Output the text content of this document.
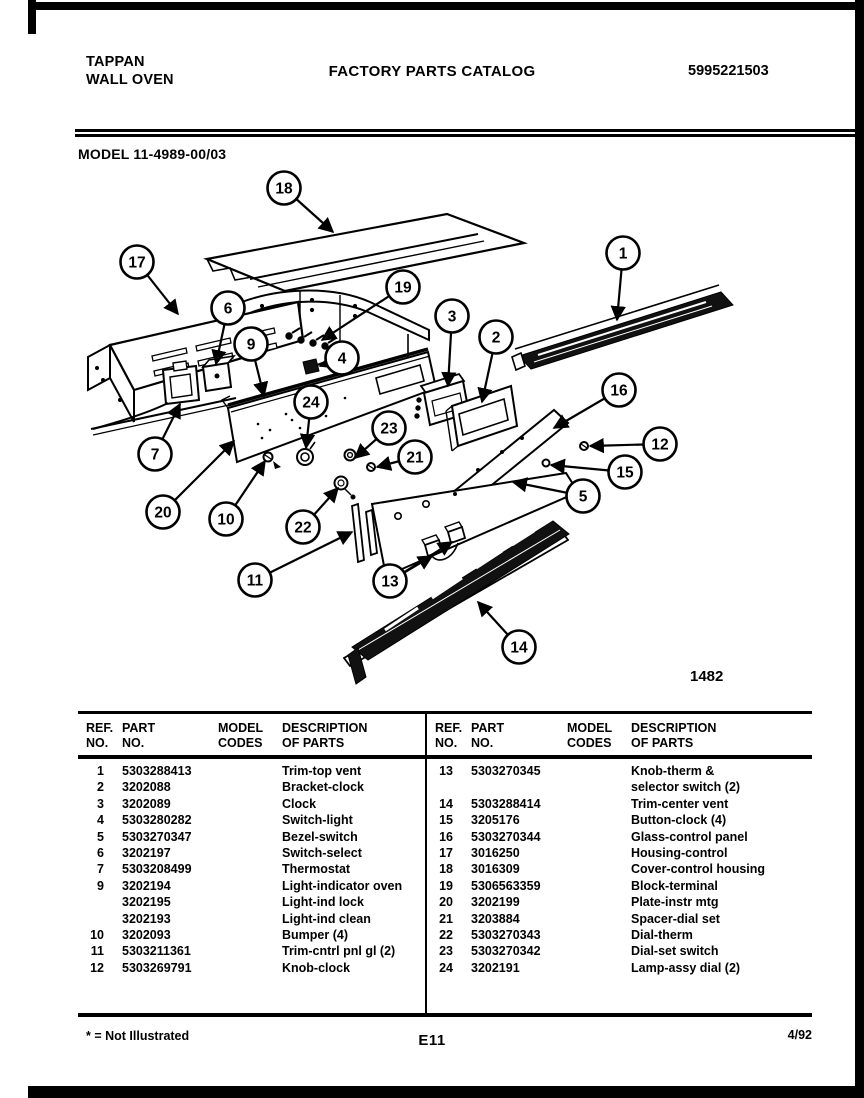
TAPPAN
WALL OVEN	FACTORY PARTS CATALOG	5995221503
MODEL 11-4989-00/03
1482
1
2
3
4
5
6
7
9
10
11
12
13
14
15
16
17
18
19
20
21
22
23
24
REF.
NO.
PART
NO.
MODEL
CODES
DESCRIPTION
OF PARTS
1	5303288413	Trim-top vent
2	3202088	Bracket-clock
3	3202089	Clock
4	5303280282	Switch-light
5	5303270347	Bezel-switch
6	3202197	Switch-select
7	5303208499	Thermostat
9	3202194	Light-indicator oven
3202195	Light-ind lock
3202193	Light-ind clean
10	3202093	Bumper (4)
11	5303211361	Trim-cntrl pnl gl (2)
12	5303269791	Knob-clock
REF.
NO.
PART
NO.
MODEL
CODES
DESCRIPTION
OF PARTS
13	5303270345	Knob-therm &
selector switch (2)
14	5303288414	Trim-center vent
15	3205176	Button-clock (4)
16	5303270344	Glass-control panel
17	3016250	Housing-control
18	3016309	Cover-control housing
19	5306563359	Block-terminal
20	3202199	Plate-instr mtg
21	3203884	Spacer-dial set
22	5303270343	Dial-therm
23	5303270342	Dial-set switch
24	3202191	Lamp-assy dial (2)
* = Not Illustrated	E11	4/92
